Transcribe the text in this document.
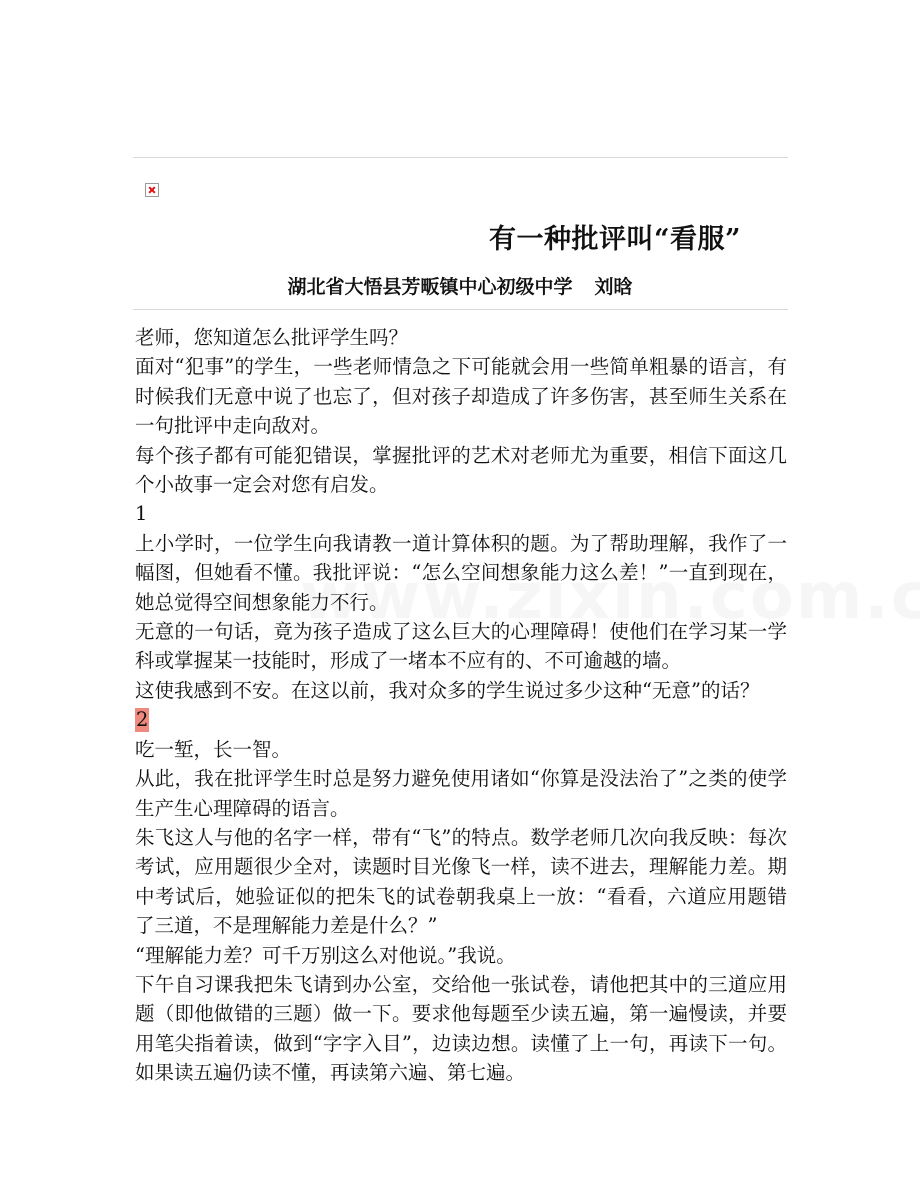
有一种批评叫“看服”
湖北省大悟县芳畈镇中心初级中学 刘晗

老师，您知道怎么批评学生吗？

面对“犯事”的学生，一些老师情急之下可能就会用一些简单粗暴的语言，有时候我们无意中说了也忘了，但对孩子却造成了许多伤害，甚至师生关系在一句批评中走向敌对。

每个孩子都有可能犯错误，掌握批评的艺术对老师尤为重要，相信下面这几个小故事一定会对您有启发。

1

上小学时，一位学生向我请教一道计算体积的题。为了帮助理解，我作了一幅图，但她看不懂。我批评说：“怎么空间想象能力这么差！”一直到现在，她总觉得空间想象能力不行。

无意的一句话，竟为孩子造成了这么巨大的心理障碍！使他们在学习某一学科或掌握某一技能时，形成了一堵本不应有的、不可逾越的墙。

这使我感到不安。在这以前，我对众多的学生说过多少这种“无意”的话？

2

吃一堑，长一智。

从此，我在批评学生时总是努力避免使用诸如“你算是没法治了”之类的使学生产生心理障碍的语言。

朱飞这人与他的名字一样，带有“飞”的特点。数学老师几次向我反映：每次考试，应用题很少全对，读题时目光像飞一样，读不进去，理解能力差。期中考试后，她验证似的把朱飞的试卷朝我桌上一放：“看看，六道应用题错了三道，不是理解能力差是什么？”

“理解能力差？可千万别这么对他说。”我说。

下午自习课我把朱飞请到办公室，交给他一张试卷，请他把其中的三道应用题（即他做错的三题）做一下。要求他每题至少读五遍，第一遍慢读，并要用笔尖指着读，做到“字字入目”，边读边想。读懂了上一句，再读下一句。如果读五遍仍读不懂，再读第六遍、第七遍。
